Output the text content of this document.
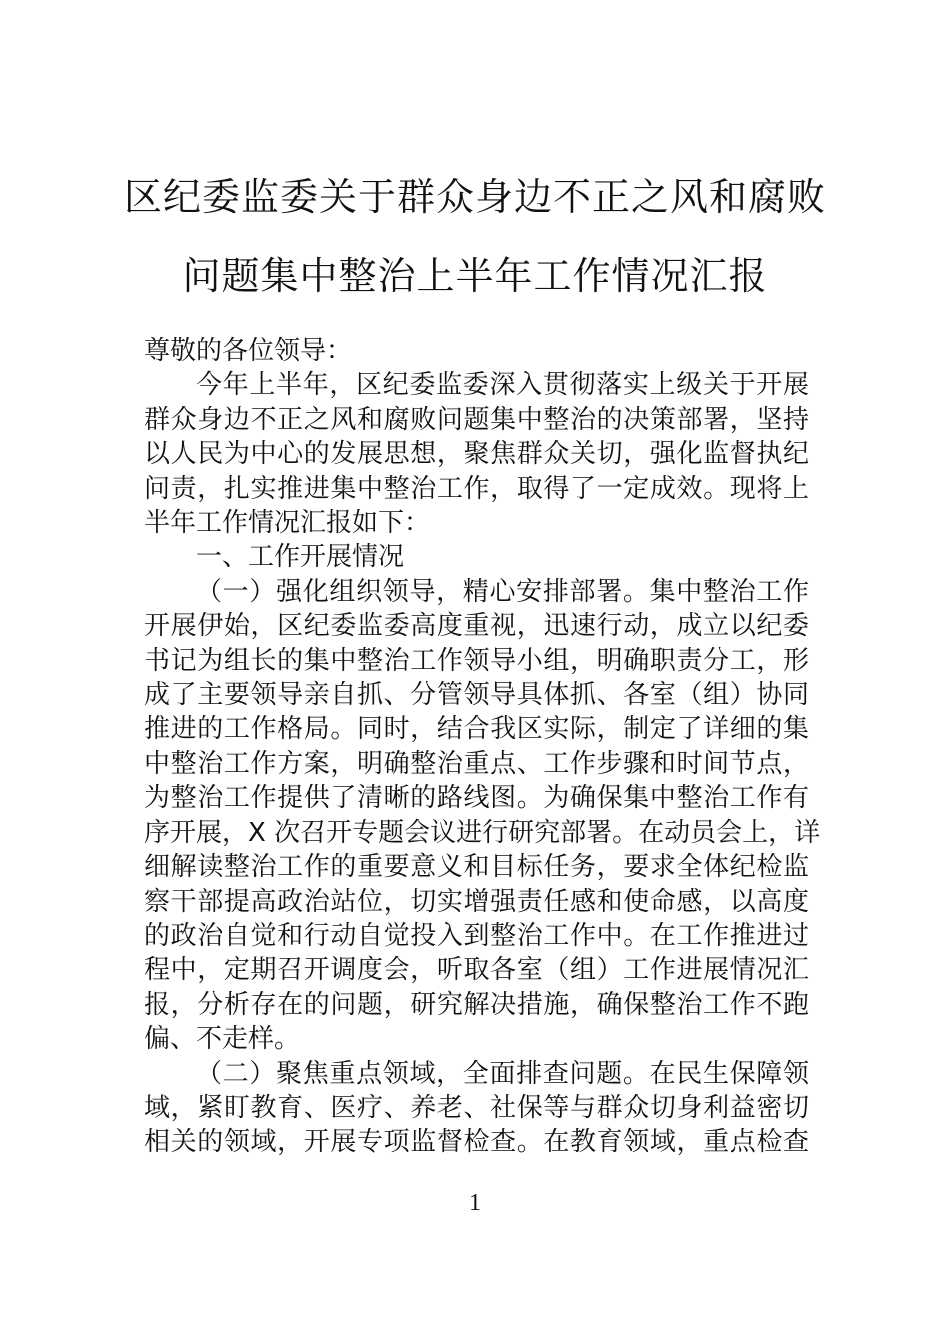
区纪委监委关于群众身边不正之风和腐败
问题集中整治上半年工作情况汇报
尊敬的各位领导：
今年上半年，区纪委监委深入贯彻落实上级关于开展
群众身边不正之风和腐败问题集中整治的决策部署，坚持
以人民为中心的发展思想，聚焦群众关切，强化监督执纪
问责，扎实推进集中整治工作，取得了一定成效。现将上
半年工作情况汇报如下：
一、工作开展情况
（一）强化组织领导，精心安排部署。集中整治工作
开展伊始，区纪委监委高度重视，迅速行动，成立以纪委
书记为组长的集中整治工作领导小组，明确职责分工，形
成了主要领导亲自抓、分管领导具体抓、各室（组）协同
推进的工作格局。同时，结合我区实际，制定了详细的集
中整治工作方案，明确整治重点、工作步骤和时间节点，
为整治工作提供了清晰的路线图。为确保集中整治工作有
序开展，X 次召开专题会议进行研究部署。在动员会上，详
细解读整治工作的重要意义和目标任务，要求全体纪检监
察干部提高政治站位，切实增强责任感和使命感，以高度
的政治自觉和行动自觉投入到整治工作中。在工作推进过
程中，定期召开调度会，听取各室（组）工作进展情况汇
报，分析存在的问题，研究解决措施，确保整治工作不跑
偏、不走样。
（二）聚焦重点领域，全面排查问题。在民生保障领
域，紧盯教育、医疗、养老、社保等与群众切身利益密切
相关的领域，开展专项监督检查。在教育领域，重点检查
1
